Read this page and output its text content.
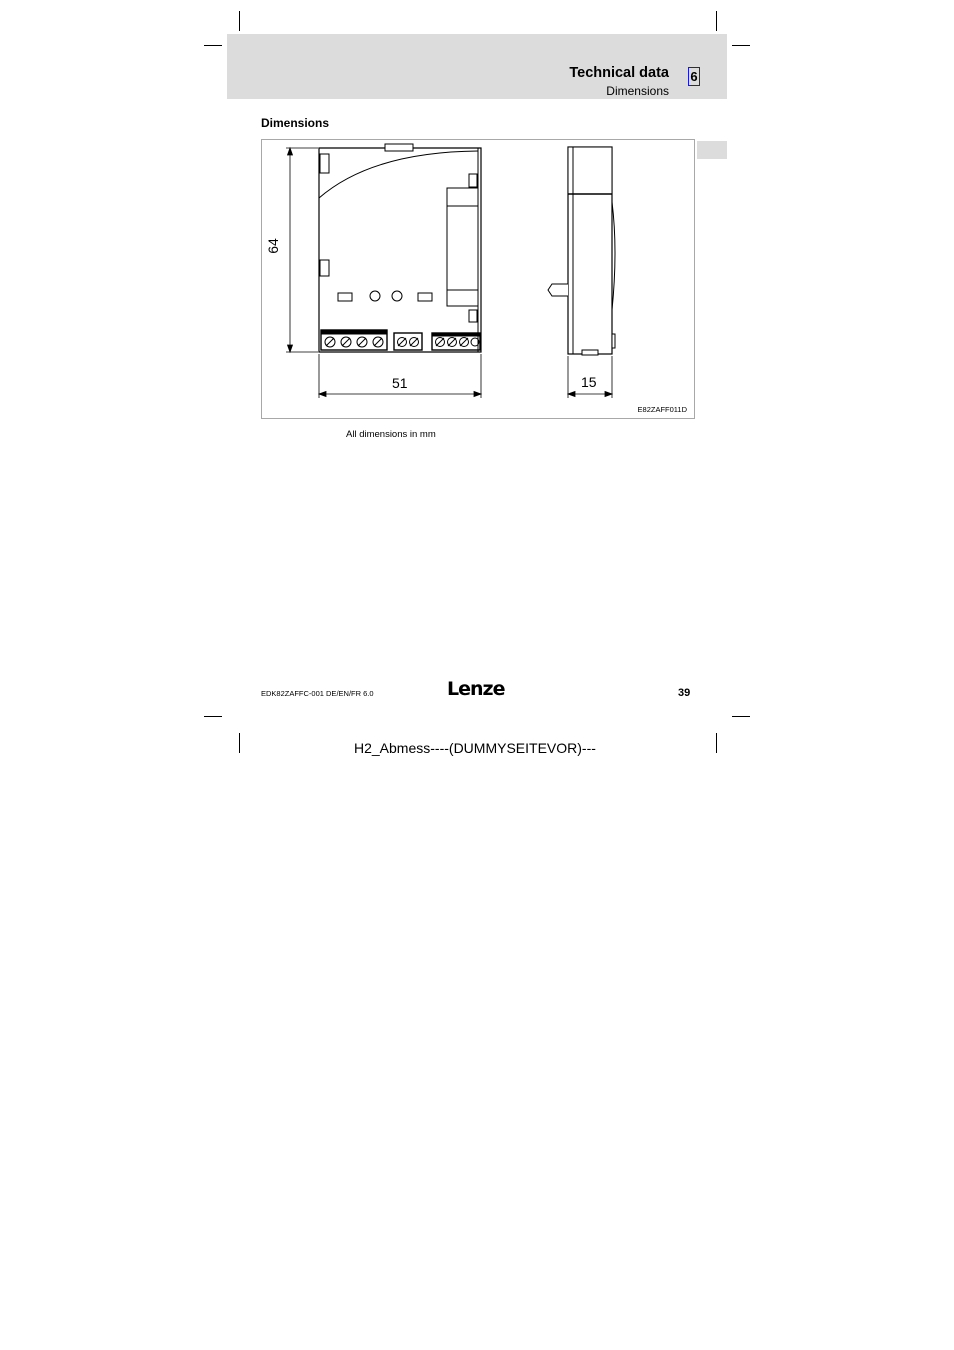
Technical data
Dimensions
6
Dimensions
64
51	15
E82ZAFF011D
All dimensions in mm
EDK82ZAFFC-001 DE/EN/FR 6.0	Lenze	39
H2_Abmess----(DUMMYSEITEVOR)---
